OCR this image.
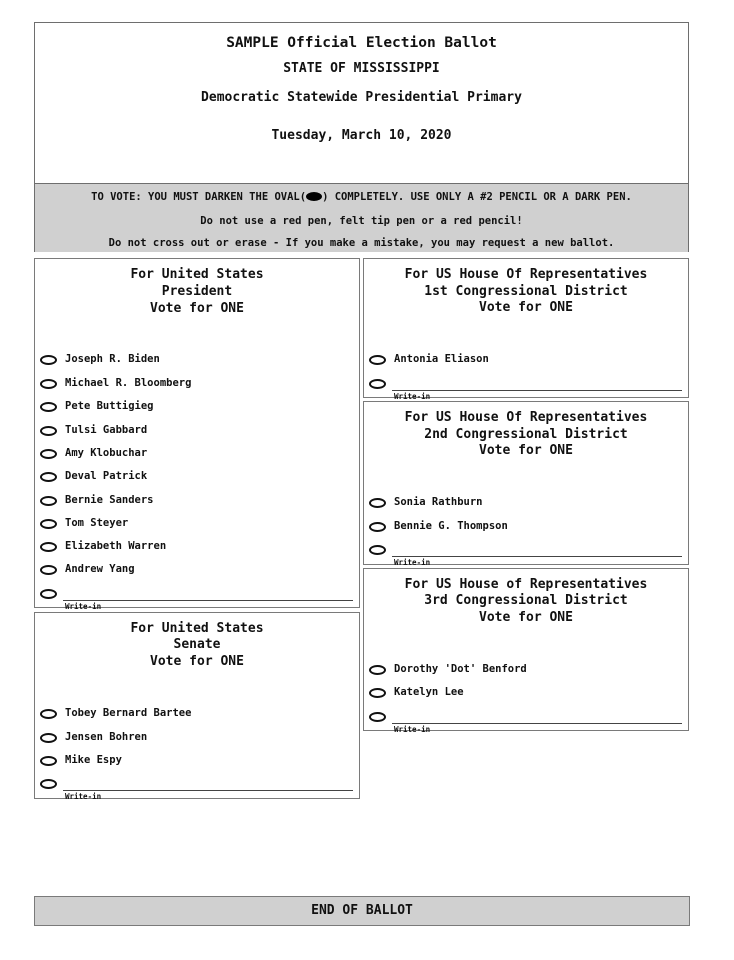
SAMPLE Official Election Ballot
STATE OF MISSISSIPPI
Democratic Statewide Presidential Primary
Tuesday, March 10, 2020
TO VOTE: YOU MUST DARKEN THE OVAL( ) COMPLETELY. USE ONLY A #2 PENCIL OR A DARK PEN.
Do not use a red pen, felt tip pen or a red pencil!
Do not cross out or erase - If you make a mistake, you may request a new ballot.
For United States
President
Vote for ONE
Joseph R. Biden
Michael R. Bloomberg
Pete Buttigieg
Tulsi Gabbard
Amy Klobuchar
Deval Patrick
Bernie Sanders
Tom Steyer
Elizabeth Warren
Andrew Yang
Write-in
For United States
Senate
Vote for ONE
Tobey Bernard Bartee
Jensen Bohren
Mike Espy
Write-in
For US House Of Representatives
1st Congressional District
Vote for ONE
Antonia Eliason
Write-in
For US House Of Representatives
2nd Congressional District
Vote for ONE
Sonia Rathburn
Bennie G. Thompson
Write-in
For US House of Representatives
3rd Congressional District
Vote for ONE
Dorothy 'Dot' Benford
Katelyn Lee
Write-in
END OF BALLOT
